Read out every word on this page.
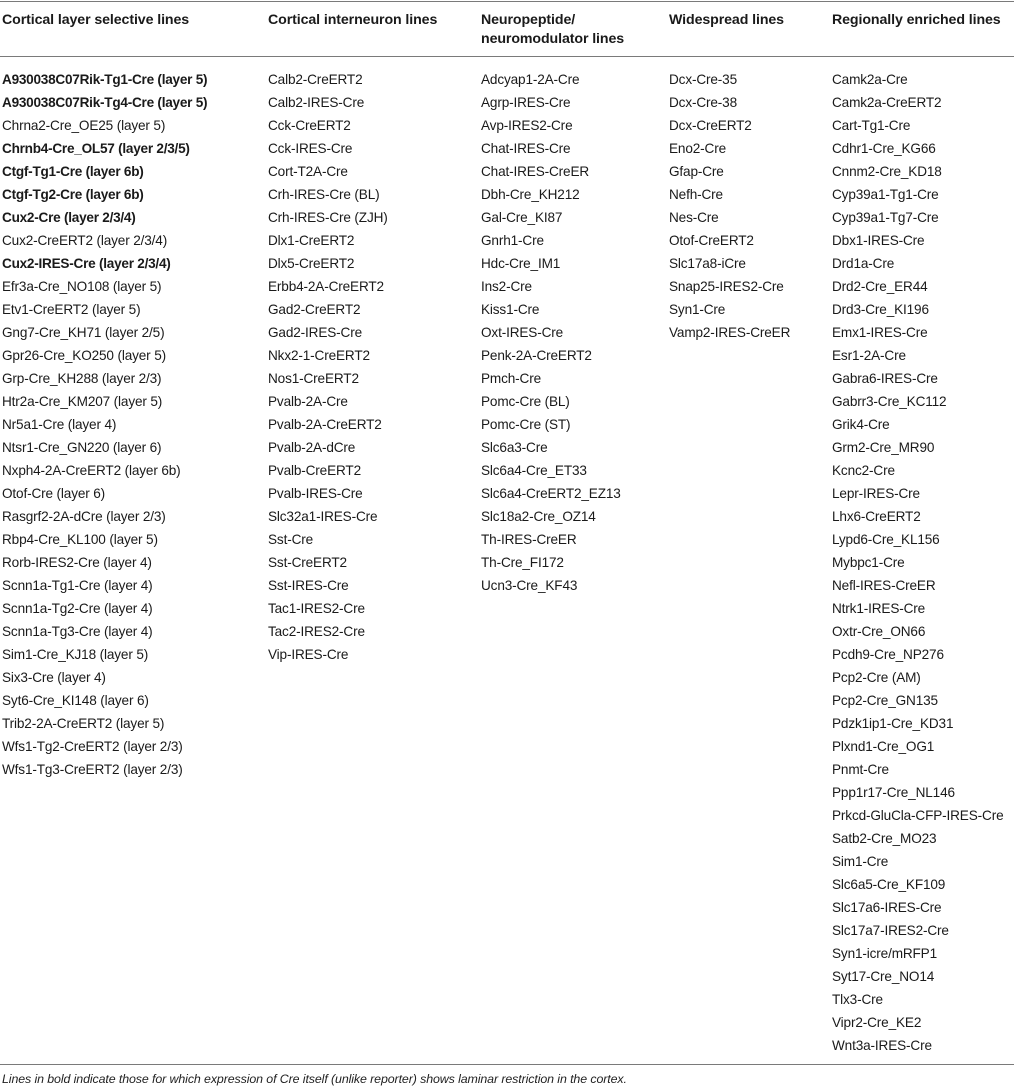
Cortical layer selective lines
A930038C07Rik-Tg1-Cre (layer 5)
A930038C07Rik-Tg4-Cre (layer 5)
Chrna2-Cre_OE25 (layer 5)
Chrnb4-Cre_OL57 (layer 2/3/5)
Ctgf-Tg1-Cre (layer 6b)
Ctgf-Tg2-Cre (layer 6b)
Cux2-Cre (layer 2/3/4)
Cux2-CreERT2 (layer 2/3/4)
Cux2-IRES-Cre (layer 2/3/4)
Efr3a-Cre_NO108 (layer 5)
Etv1-CreERT2 (layer 5)
Gng7-Cre_KH71 (layer 2/5)
Gpr26-Cre_KO250 (layer 5)
Grp-Cre_KH288 (layer 2/3)
Htr2a-Cre_KM207 (layer 5)
Nr5a1-Cre (layer 4)
Ntsr1-Cre_GN220 (layer 6)
Nxph4-2A-CreERT2 (layer 6b)
Otof-Cre (layer 6)
Rasgrf2-2A-dCre (layer 2/3)
Rbp4-Cre_KL100 (layer 5)
Rorb-IRES2-Cre (layer 4)
Scnn1a-Tg1-Cre (layer 4)
Scnn1a-Tg2-Cre (layer 4)
Scnn1a-Tg3-Cre (layer 4)
Sim1-Cre_KJ18 (layer 5)
Six3-Cre (layer 4)
Syt6-Cre_KI148 (layer 6)
Trib2-2A-CreERT2 (layer 5)
Wfs1-Tg2-CreERT2 (layer 2/3)
Wfs1-Tg3-CreERT2 (layer 2/3)
Cortical interneuron lines
Calb2-CreERT2
Calb2-IRES-Cre
Cck-CreERT2
Cck-IRES-Cre
Cort-T2A-Cre
Crh-IRES-Cre (BL)
Crh-IRES-Cre (ZJH)
Dlx1-CreERT2
Dlx5-CreERT2
Erbb4-2A-CreERT2
Gad2-CreERT2
Gad2-IRES-Cre
Nkx2-1-CreERT2
Nos1-CreERT2
Pvalb-2A-Cre
Pvalb-2A-CreERT2
Pvalb-2A-dCre
Pvalb-CreERT2
Pvalb-IRES-Cre
Slc32a1-IRES-Cre
Sst-Cre
Sst-CreERT2
Sst-IRES-Cre
Tac1-IRES2-Cre
Tac2-IRES2-Cre
Vip-IRES-Cre
Neuropeptide/
neuromodulator lines
Adcyap1-2A-Cre
Agrp-IRES-Cre
Avp-IRES2-Cre
Chat-IRES-Cre
Chat-IRES-CreER
Dbh-Cre_KH212
Gal-Cre_KI87
Gnrh1-Cre
Hdc-Cre_IM1
Ins2-Cre
Kiss1-Cre
Oxt-IRES-Cre
Penk-2A-CreERT2
Pmch-Cre
Pomc-Cre (BL)
Pomc-Cre (ST)
Slc6a3-Cre
Slc6a4-Cre_ET33
Slc6a4-CreERT2_EZ13
Slc18a2-Cre_OZ14
Th-IRES-CreER
Th-Cre_FI172
Ucn3-Cre_KF43
Widespread lines
Dcx-Cre-35
Dcx-Cre-38
Dcx-CreERT2
Eno2-Cre
Gfap-Cre
Nefh-Cre
Nes-Cre
Otof-CreERT2
Slc17a8-iCre
Snap25-IRES2-Cre
Syn1-Cre
Vamp2-IRES-CreER
Regionally enriched lines
Camk2a-Cre
Camk2a-CreERT2
Cart-Tg1-Cre
Cdhr1-Cre_KG66
Cnnm2-Cre_KD18
Cyp39a1-Tg1-Cre
Cyp39a1-Tg7-Cre
Dbx1-IRES-Cre
Drd1a-Cre
Drd2-Cre_ER44
Drd3-Cre_KI196
Emx1-IRES-Cre
Esr1-2A-Cre
Gabra6-IRES-Cre
Gabrr3-Cre_KC112
Grik4-Cre
Grm2-Cre_MR90
Kcnc2-Cre
Lepr-IRES-Cre
Lhx6-CreERT2
Lypd6-Cre_KL156
Mybpc1-Cre
Nefl-IRES-CreER
Ntrk1-IRES-Cre
Oxtr-Cre_ON66
Pcdh9-Cre_NP276
Pcp2-Cre (AM)
Pcp2-Cre_GN135
Pdzk1ip1-Cre_KD31
Plxnd1-Cre_OG1
Pnmt-Cre
Ppp1r17-Cre_NL146
Prkcd-GluCla-CFP-IRES-Cre
Satb2-Cre_MO23
Sim1-Cre
Slc6a5-Cre_KF109
Slc17a6-IRES-Cre
Slc17a7-IRES2-Cre
Syn1-icre/mRFP1
Syt17-Cre_NO14
Tlx3-Cre
Vipr2-Cre_KE2
Wnt3a-IRES-Cre
Lines in bold indicate those for which expression of Cre itself (unlike reporter) shows laminar restriction in the cortex.
